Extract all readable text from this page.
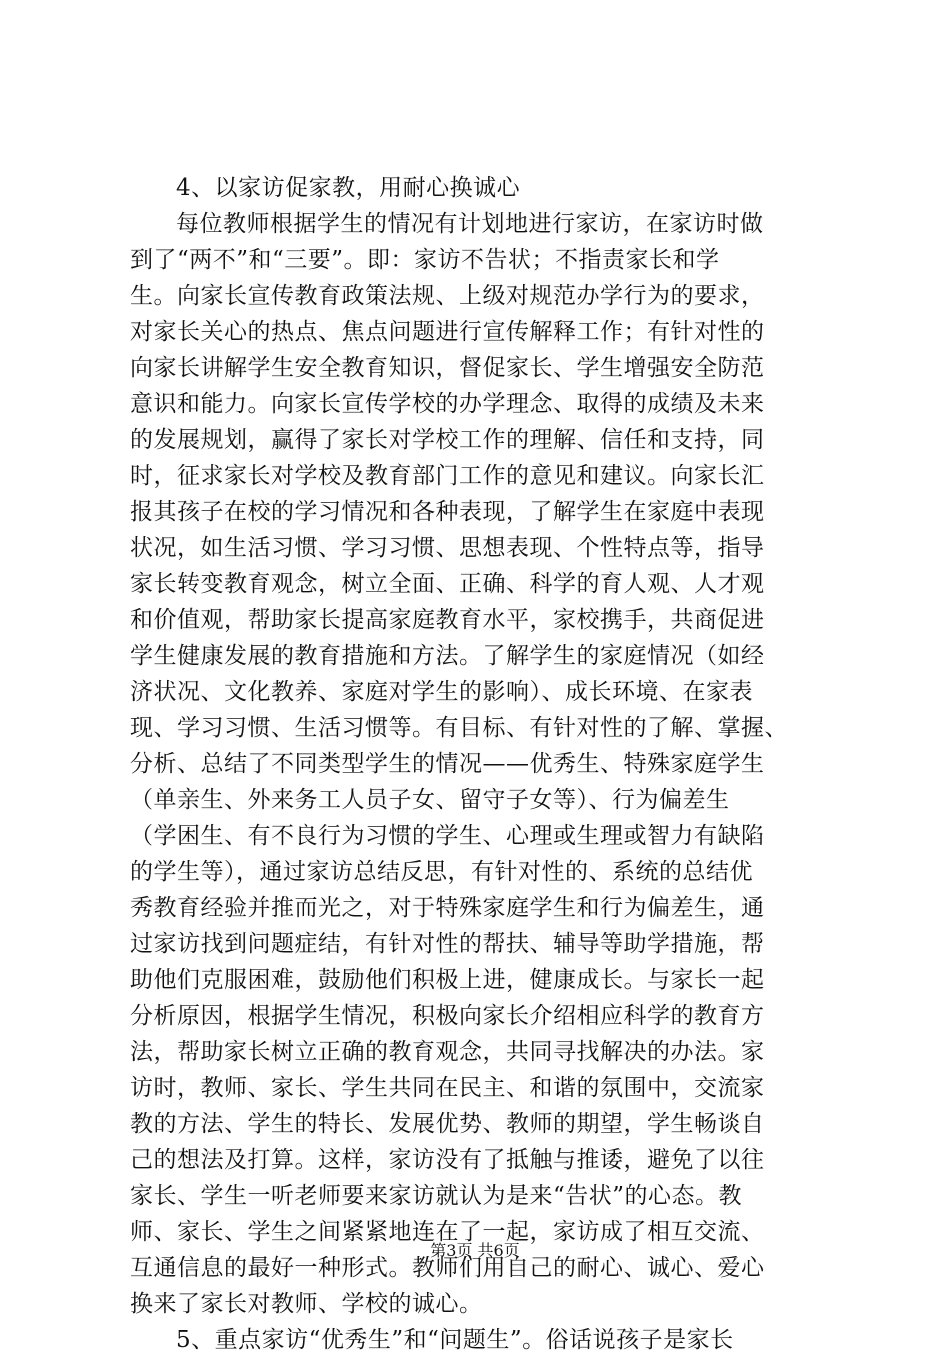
4、以家访促家教，用耐心换诚心
每位教师根据学生的情况有计划地进行家访，在家访时做
到了“两不”和“三要”。即：家访不告状；不指责家长和学
生。向家长宣传教育政策法规、上级对规范办学行为的要求，
对家长关心的热点、焦点问题进行宣传解释工作；有针对性的
向家长讲解学生安全教育知识，督促家长、学生增强安全防范
意识和能力。向家长宣传学校的办学理念、取得的成绩及未来
的发展规划，赢得了家长对学校工作的理解、信任和支持，同
时，征求家长对学校及教育部门工作的意见和建议。向家长汇
报其孩子在校的学习情况和各种表现，了解学生在家庭中表现
状况，如生活习惯、学习习惯、思想表现、个性特点等，指导
家长转变教育观念，树立全面、正确、科学的育人观、人才观
和价值观，帮助家长提高家庭教育水平，家校携手，共商促进
学生健康发展的教育措施和方法。了解学生的家庭情况（如经
济状况、文化教养、家庭对学生的影响）、成长环境、在家表
现、学习习惯、生活习惯等。有目标、有针对性的了解、掌握、
分析、总结了不同类型学生的情况——优秀生、特殊家庭学生
（单亲生、外来务工人员子女、留守子女等）、行为偏差生
（学困生、有不良行为习惯的学生、心理或生理或智力有缺陷
的学生等），通过家访总结反思，有针对性的、系统的总结优
秀教育经验并推而光之，对于特殊家庭学生和行为偏差生，通
过家访找到问题症结，有针对性的帮扶、辅导等助学措施，帮
助他们克服困难，鼓励他们积极上进，健康成长。与家长一起
分析原因，根据学生情况，积极向家长介绍相应科学的教育方
法，帮助家长树立正确的教育观念，共同寻找解决的办法。家
访时，教师、家长、学生共同在民主、和谐的氛围中，交流家
教的方法、学生的特长、发展优势、教师的期望，学生畅谈自
己的想法及打算。这样，家访没有了抵触与推诿，避免了以往
家长、学生一听老师要来家访就认为是来“告状”的心态。教
师、家长、学生之间紧紧地连在了一起，家访成了相互交流、
互通信息的最好一种形式。教师们用自己的耐心、诚心、爱心
换来了家长对教师、学校的诚心。
5、重点家访“优秀生”和“问题生”。俗话说孩子是家长
第3页 共6页
